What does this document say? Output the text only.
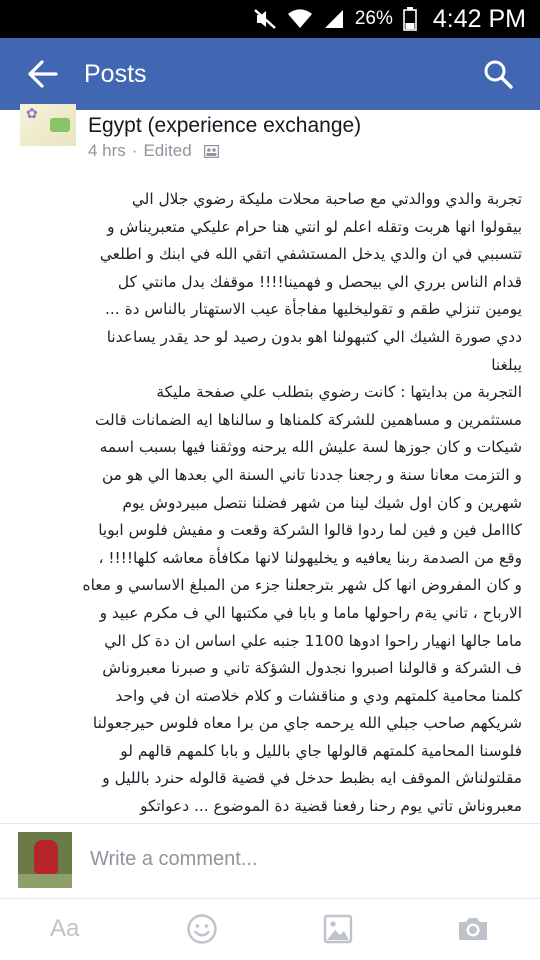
26% 4:42 PM
Posts
✿ Egypt (experience exchange)
4 hrs · Edited
تجربة والدي ووالدتي مع صاحبة محلات مليكة رضوي جلال الي
بيقولوا انها هربت وتقله اعلم لو انتي هنا حرام عليكي متعبريناش و
تتسببي في ان والدي يدخل المستشفي اتقي الله في ابنك و اطلعي
قدام الناس برري الي بيحصل و فهمينا!!!! موقفك بدل مانتي كل
يومين تنزلي طقم و تقوليخليها مفاجأة عيب الاستهتار بالناس دة ...
ددي صورة الشيك الي كتبهولنا اهو بدون رصيد لو حد يقدر يساعدنا
يبلغنا
التجربة من بدايتها : كانت رضوي بتطلب علي صفحة مليكة
مستثمرين و مساهمين للشركة كلمناها و سالناها ايه الضمانات قالت
شيكات و كان جوزها لسة عليش الله يرحنه ووثقنا فيها بسبب اسمه
و التزمت معانا سنة و رجعنا جددنا تاني السنة الي بعدها الي هو من
شهرين و كان اول شيك لينا من شهر فضلنا نتصل مبيردوش يوم
كااامل فين و فين لما ردوا قالوا الشركة وقعت و مفيش فلوس ابويا
وقع من الصدمة ربنا يعافيه و يخليهولنا لانها مكافأة معاشه كلها!!!! ،
و كان المفروض انها كل شهر بترجعلنا جزء من المبلغ الاساسي و معاه
الارباح ، تاني يةم راحولها ماما و بابا في مكتبها الي ف مكرم عبيد و
ماما جالها انهيار راحوا ادوها 1100 جنبه علي اساس ان دة كل الي
ف الشركة و قالولنا اصبروا نجدول الشؤكة تاني و صبرنا معبروناش
كلمنا محامية كلمتهم ودي و مناقشات و كلام خلاصته ان في واحد
شريكهم صاحب جبلي الله يرحمه جاي من برا معاه فلوس حيرجعولنا
فلوسنا المحامية كلمتهم قالولها جاي بالليل و بابا كلمهم قالهم لو
مقلتولناش الموقف ايه بظبط حدخل في قضية قالوله حنرد بالليل و
معبروناش تاتي يوم رحنا رفعنا قضية دة الموضوع ... دعواتكو
Write a comment...
Aa
